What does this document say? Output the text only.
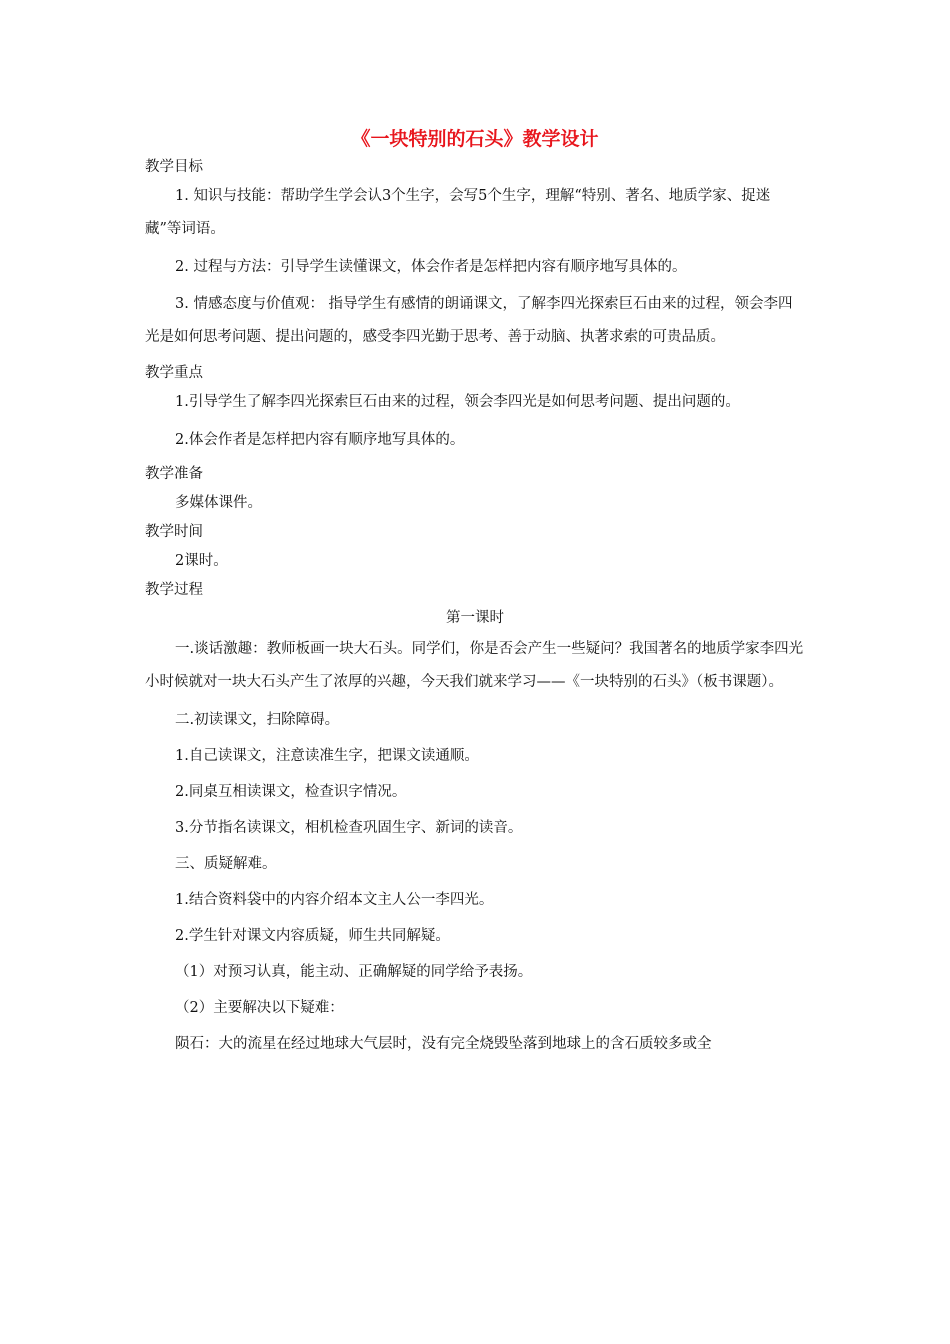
《一块特别的石头》教学设计

教学目标

1. 知识与技能：帮助学生学会认3个生字，会写5个生字，理解“特别、著名、地质学家、捉迷藏”等词语。

2. 过程与方法：引导学生读懂课文，体会作者是怎样把内容有顺序地写具体的。

3. 情感态度与价值观： 指导学生有感情的朗诵课文，了解李四光探索巨石由来的过程，领会李四光是如何思考问题、提出问题的，感受李四光勤于思考、善于动脑、执著求索的可贵品质。

教学重点

1.引导学生了解李四光探索巨石由来的过程，领会李四光是如何思考问题、提出问题的。

2.体会作者是怎样把内容有顺序地写具体的。

教学准备

多媒体课件。

教学时间

2课时。

教学过程

第一课时

一.谈话激趣：教师板画一块大石头。同学们，你是否会产生一些疑问？我国著名的地质学家李四光小时候就对一块大石头产生了浓厚的兴趣，今天我们就来学习——《一块特别的石头》（板书课题）。

二.初读课文，扫除障碍。

1.自己读课文，注意读准生字，把课文读通顺。

2.同桌互相读课文，检查识字情况。

3.分节指名读课文，相机检查巩固生字、新词的读音。

三、质疑解难。

1.结合资料袋中的内容介绍本文主人公一李四光。

2.学生针对课文内容质疑，师生共同解疑。

（1）对预习认真，能主动、正确解疑的同学给予表扬。

（2）主要解决以下疑难：

陨石：大的流星在经过地球大气层时，没有完全烧毁坠落到地球上的含石质较多或全
